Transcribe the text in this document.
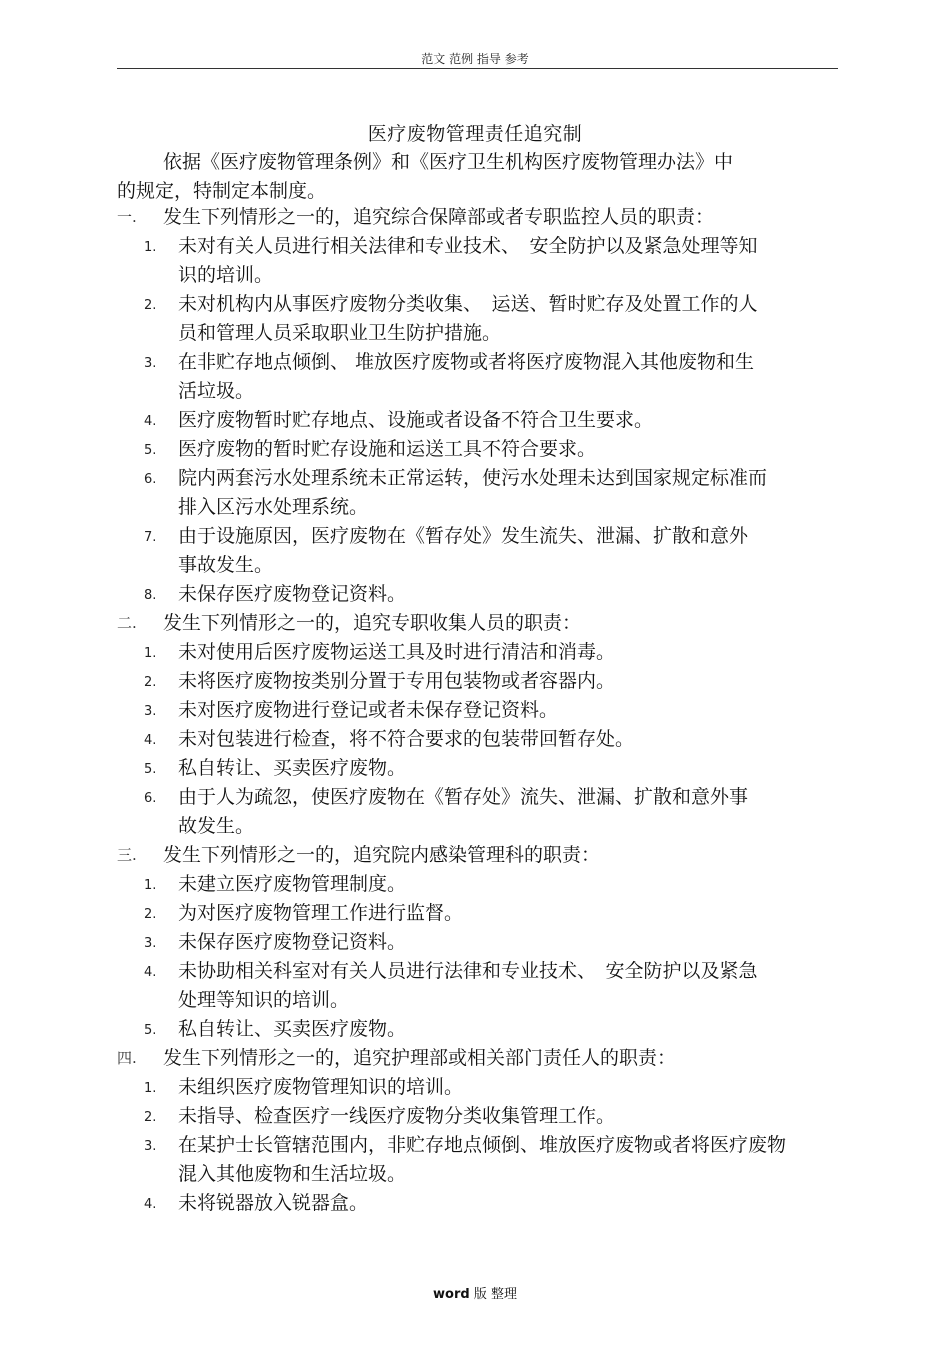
范文 范例 指导 参考
医疗废物管理责任追究制
依据《医疗废物管理条例》和《医疗卫生机构医疗废物管理办法》中
的规定，特制定本制度。
一. 发生下列情形之一的，追究综合保障部或者专职监控人员的职责：
1. 未对有关人员进行相关法律和专业技术、　安全防护以及紧急处理等知
识的培训。
2. 未对机构内从事医疗废物分类收集、　运送、暂时贮存及处置工作的人
员和管理人员采取职业卫生防护措施。
3. 在非贮存地点倾倒、 堆放医疗废物或者将医疗废物混入其他废物和生
活垃圾。
4. 医疗废物暂时贮存地点、设施或者设备不符合卫生要求。
5. 医疗废物的暂时贮存设施和运送工具不符合要求。
6. 院内两套污水处理系统未正常运转，使污水处理未达到国家规定标准而
排入区污水处理系统。
7. 由于设施原因，医疗废物在《暂存处》发生流失、泄漏、扩散和意外
事故发生。
8. 未保存医疗废物登记资料。
二. 发生下列情形之一的，追究专职收集人员的职责：
1. 未对使用后医疗废物运送工具及时进行清洁和消毒。
2. 未将医疗废物按类别分置于专用包装物或者容器内。
3. 未对医疗废物进行登记或者未保存登记资料。
4. 未对包装进行检查，将不符合要求的包装带回暂存处。
5. 私自转让、买卖医疗废物。
6. 由于人为疏忽，使医疗废物在《暂存处》流失、泄漏、扩散和意外事
故发生。
三. 发生下列情形之一的，追究院内感染管理科的职责：
1. 未建立医疗废物管理制度。
2. 为对医疗废物管理工作进行监督。
3. 未保存医疗废物登记资料。
4. 未协助相关科室对有关人员进行法律和专业技术、　安全防护以及紧急
处理等知识的培训。
5. 私自转让、买卖医疗废物。
四. 发生下列情形之一的，追究护理部或相关部门责任人的职责：
1. 未组织医疗废物管理知识的培训。
2. 未指导、检查医疗一线医疗废物分类收集管理工作。
3. 在某护士长管辖范围内，非贮存地点倾倒、堆放医疗废物或者将医疗废物
混入其他废物和生活垃圾。
4. 未将锐器放入锐器盒。
word 版 整理
